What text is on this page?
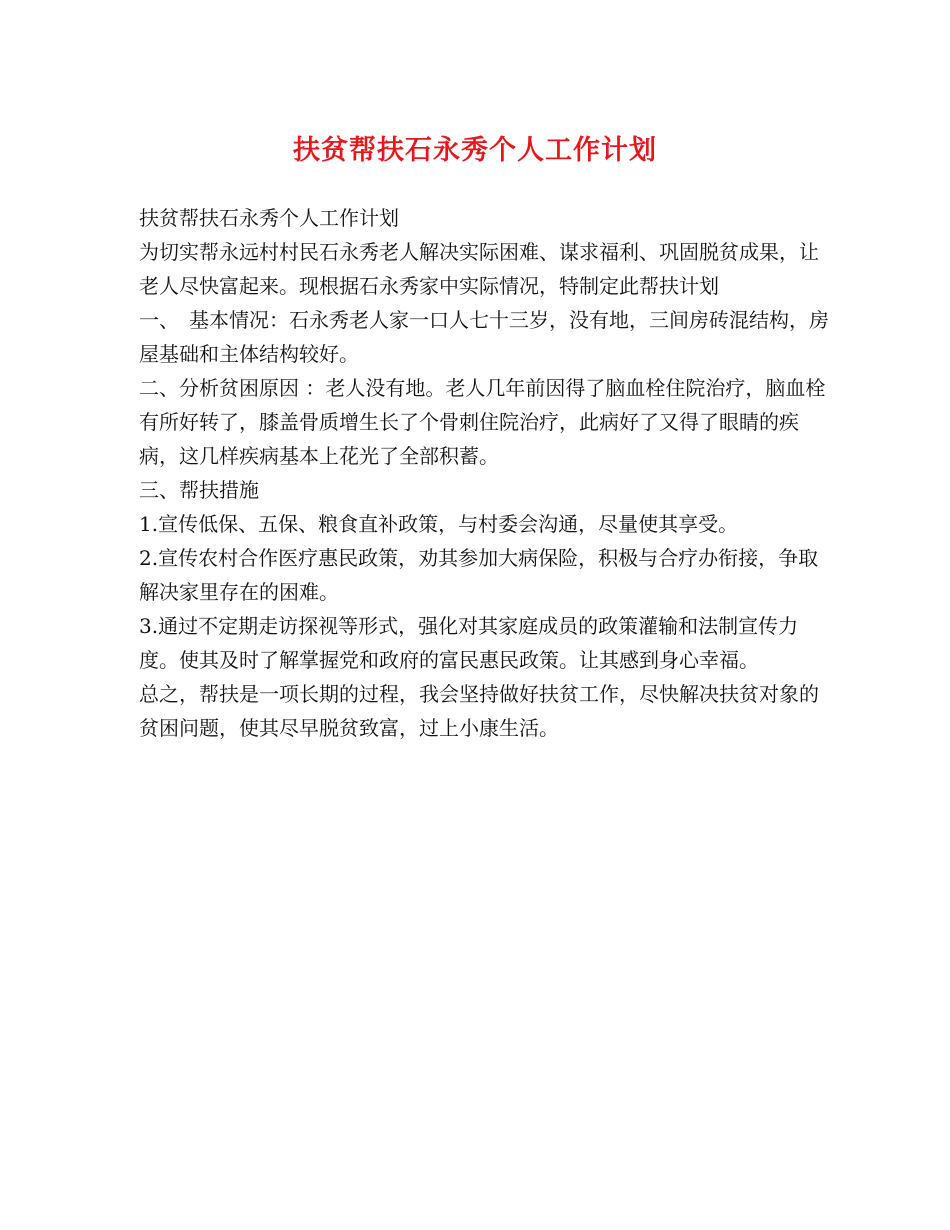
扶贫帮扶石永秀个人工作计划

扶贫帮扶石永秀个人工作计划

为切实帮永远村村民石永秀老人解决实际困难、谋求福利、巩固脱贫成果，让老人尽快富起来。现根据石永秀家中实际情况，特制定此帮扶计划

一、　基本情况：石永秀老人家一口人七十三岁，没有地，三间房砖混结构，房屋基础和主体结构较好。

二、分析贫困原因 ：老人没有地。老人几年前因得了脑血栓住院治疗，脑血栓有所好转了，膝盖骨质增生长了个骨刺住院治疗，此病好了又得了眼睛的疾病，这几样疾病基本上花光了全部积蓄。

三、帮扶措施

1.宣传低保、五保、粮食直补政策，与村委会沟通，尽量使其享受。

2.宣传农村合作医疗惠民政策，劝其参加大病保险，积极与合疗办衔接，争取解决家里存在的困难。

3.通过不定期走访探视等形式，强化对其家庭成员的政策灌输和法制宣传力度。使其及时了解掌握党和政府的富民惠民政策。让其感到身心幸福。

总之，帮扶是一项长期的过程，我会坚持做好扶贫工作，尽快解决扶贫对象的贫困问题，使其尽早脱贫致富，过上小康生活。
